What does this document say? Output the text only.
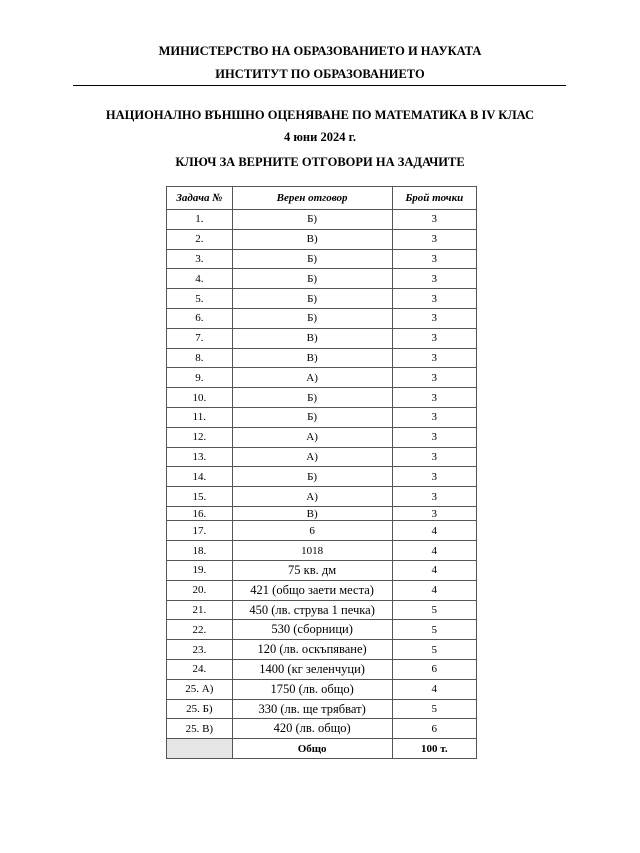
МИНИСТЕРСТВО НА ОБРАЗОВАНИЕТО И НАУКАТА
ИНСТИТУТ ПО ОБРАЗОВАНИЕТО
НАЦИОНАЛНО ВЪНШНО ОЦЕНЯВАНЕ ПО МАТЕМАТИКА В IV КЛАС
4 юни 2024 г.
КЛЮЧ ЗА ВЕРНИТЕ ОТГОВОРИ НА ЗАДАЧИТЕ
Задача №	Верен отговор	Брой точки
1.	Б)	3
2.	В)	3
3.	Б)	3
4.	Б)	3
5.	Б)	3
6.	Б)	3
7.	В)	3
8.	В)	3
9.	А)	3
10.	Б)	3
11.	Б)	3
12.	А)	3
13.	А)	3
14.	Б)	3
15.	А)	3
16.	В)	3
17.	6	4
18.	1018	4
19.	75 кв. дм	4
20.	421 (общо заети места)	4
21.	450 (лв. струва 1 печка)	5
22.	530 (сборници)	5
23.	120 (лв. оскъпяване)	5
24.	1400 (кг зеленчуци)	6
25. А)	1750 (лв. общо)	4
25. Б)	330 (лв. ще трябват)	5
25. В)	420 (лв. общо)	6
	Общо	100 т.
